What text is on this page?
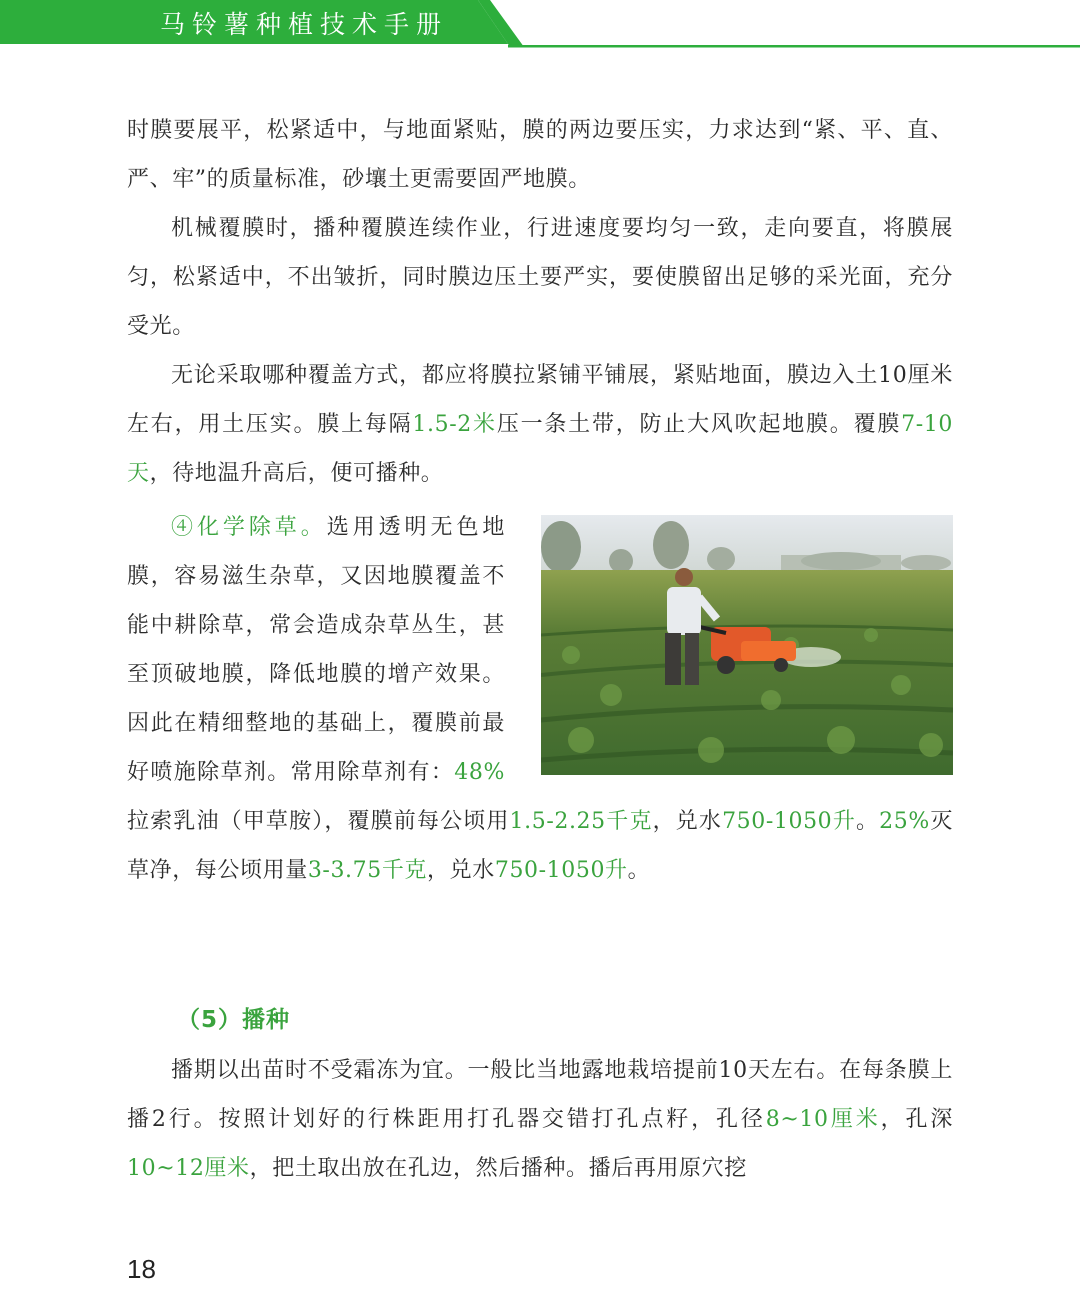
马铃薯种植技术手册

时膜要展平，松紧适中，与地面紧贴，膜的两边要压实，力求达到“紧、平、直、严、牢”的质量标准，砂壤土更需要固严地膜。

机械覆膜时，播种覆膜连续作业，行进速度要均匀一致，走向要直，将膜展匀，松紧适中，不出皱折，同时膜边压土要严实，要使膜留出足够的采光面，充分受光。

无论采取哪种覆盖方式，都应将膜拉紧铺平铺展，紧贴地面，膜边入土10厘米左右，用土压实。膜上每隔1.5-2米压一条土带，防止大风吹起地膜。覆膜7-10天，待地温升高后，便可播种。

④化学除草。选用透明无色地膜，容易滋生杂草，又因地膜覆盖不能中耕除草，常会造成杂草丛生，甚至顶破地膜，降低地膜的增产效果。因此在精细整地的基础上，覆膜前最好喷施除草剂。常用除草剂有：48%拉索乳油（甲草胺），覆膜前每公顷用1.5-2.25千克，兑水750-1050升。25%灭草净，每公顷用量3-3.75千克，兑水750-1050升。

（5）播种

播期以出苗时不受霜冻为宜。一般比当地露地栽培提前10天左右。在每条膜上播2行。按照计划好的行株距用打孔器交错打孔点籽，孔径8~10厘米，孔深10~12厘米，把土取出放在孔边，然后播种。播后再用原穴挖

18
